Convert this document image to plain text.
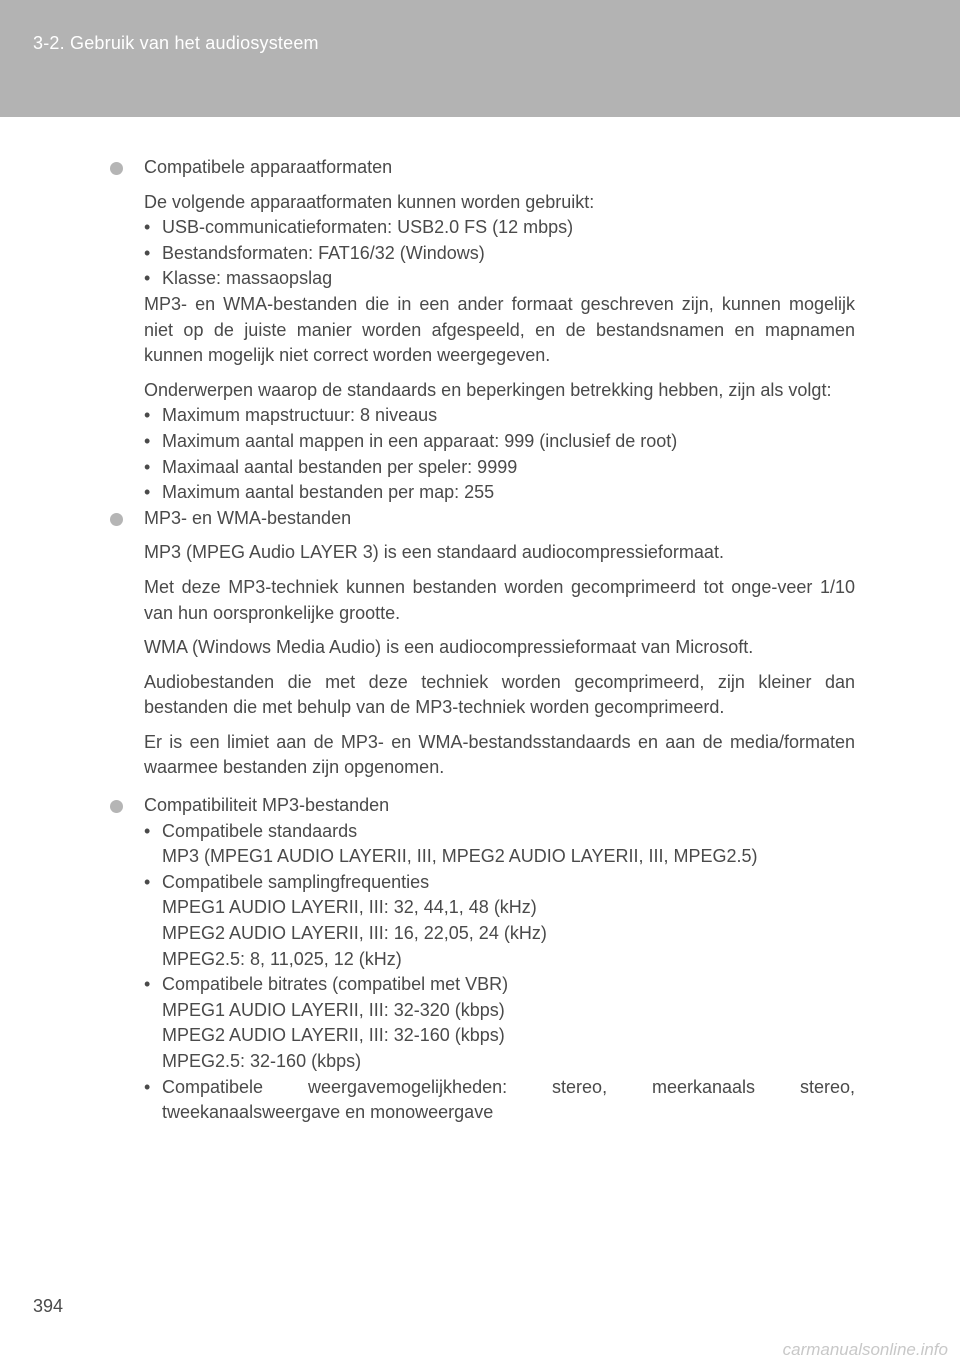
3-2. Gebruik van het audiosysteem
Compatibele apparaatformaten
De volgende apparaatformaten kunnen worden gebruikt:
• USB-communicatieformaten: USB2.0 FS (12 mbps)
• Bestandsformaten: FAT16/32 (Windows)
• Klasse: massaopslag
MP3- en WMA-bestanden die in een ander formaat geschreven zijn, kunnen mogelijk niet op de juiste manier worden afgespeeld, en de bestandsnamen en mapnamen kunnen mogelijk niet correct worden weergegeven.
Onderwerpen waarop de standaards en beperkingen betrekking hebben, zijn als volgt:
• Maximum mapstructuur: 8 niveaus
• Maximum aantal mappen in een apparaat: 999 (inclusief de root)
• Maximaal aantal bestanden per speler: 9999
• Maximum aantal bestanden per map: 255
MP3- en WMA-bestanden
MP3 (MPEG Audio LAYER 3) is een standaard audiocompressieformaat.
Met deze MP3-techniek kunnen bestanden worden gecomprimeerd tot onge-veer 1/10 van hun oorspronkelijke grootte.
WMA (Windows Media Audio) is een audiocompressieformaat van Microsoft.
Audiobestanden die met deze techniek worden gecomprimeerd, zijn kleiner dan bestanden die met behulp van de MP3-techniek worden gecomprimeerd.
Er is een limiet aan de MP3- en WMA-bestandsstandaards en aan de media/formaten waarmee bestanden zijn opgenomen.
Compatibiliteit MP3-bestanden
• Compatibele standaards
MP3 (MPEG1 AUDIO LAYERII, III, MPEG2 AUDIO LAYERII, III, MPEG2.5)
• Compatibele samplingfrequenties
MPEG1 AUDIO LAYERII, III: 32, 44,1, 48 (kHz)
MPEG2 AUDIO LAYERII, III: 16, 22,05, 24 (kHz)
MPEG2.5: 8, 11,025, 12 (kHz)
• Compatibele bitrates (compatibel met VBR)
MPEG1 AUDIO LAYERII, III: 32-320 (kbps)
MPEG2 AUDIO LAYERII, III: 32-160 (kbps)
MPEG2.5: 32-160 (kbps)
• Compatibele weergavemogelijkheden: stereo, meerkanaals stereo,
tweekanaalsweergave en monoweergave
394
carmanualsonline.info
